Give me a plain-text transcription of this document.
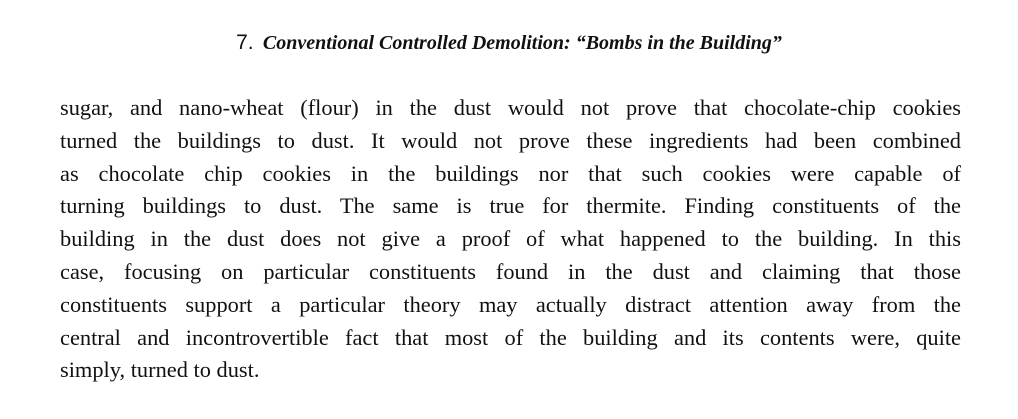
7. Conventional Controlled Demolition: “Bombs in the Building”
sugar, and nano-wheat (flour) in the dust would not prove that chocolate-chip cookies
turned the buildings to dust. It would not prove these ingredients had been combined
as chocolate chip cookies in the buildings nor that such cookies were capable of
turning buildings to dust. The same is true for thermite. Finding constituents of the
building in the dust does not give a proof of what happened to the building. In this
case, focusing on particular constituents found in the dust and claiming that those
constituents support a particular theory may actually distract attention away from the
central and incontrovertible fact that most of the building and its contents were, quite
simply, turned to dust.
